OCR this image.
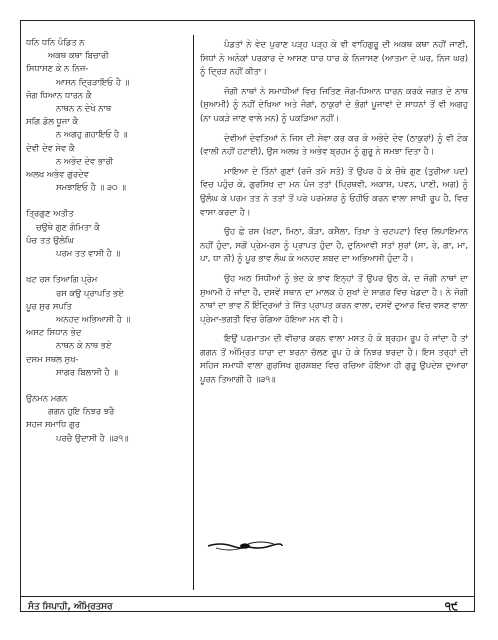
ਧਨਿ ਧਨਿ ਪੰਡਿਤ ਨ
ਅਕਥ ਕਥਾ ਬਿਚਾਰੀ
ਸਿਧਾਸਣ ਕੇ ਨ ਨਿਜ-
ਆਸਨ ਦ੍ਰਿੜਾਇਓ ਹੈ ॥
ਜੋਗ ਧਿਆਨ ਧਾਰਨ ਕੈ
ਨਾਥਨ ਨ ਦੇਖੇ ਨਾਥ
ਸਗਿ ਡੋਲ ਧੂਜਾ ਕੈ
ਨ ਅਗਹੁ ਗਹਾਇਓ ਹੈ ॥
ਦੇਵੀ ਦੇਵ ਸੇਵ ਕੈ
ਨ ਅਭੇਦ ਦੇਵ ਭਾਰੀ
ਅਲਖ ਅਭੇਵ ਗੁਰਦੇਵ
ਸਮਝਾਇਓ ਹੈ ॥ ੩੦ ॥
ਤ੍ਰਿਗੁਣ ਅਤੀਤ
ਚਉਥੇ ਗੁਣ ਗੰਮਿਤਾ ਕੈ
ਪੰਚ ਤਤ ਉਲੰਘਿ
ਪਰਮ ਤਤ ਵਾਸੀ ਹੈ ॥
ਖਟ ਰਸ ਤਿਆਗਿ ਪ੍ਰੇਮ
ਰਸ ਕਉ ਪ੍ਰਾਪਤਿ ਭਏ
ਪੂਰ ਸੁਰ ਸਪਤਿ
ਅਨਹਦ ਅਭਿਆਸੀ ਹੈ ॥
ਅਸਟ ਸਿਧਾਨ ਭੇਦ
ਨਾਥਨ ਕੇ ਨਾਥ ਭਏ
ਦਸਮ ਸਥਲ ਸੁਖ-
ਸਾਗਰ ਬਿਲਾਸੀ ਹੈ ॥
ਉਨਮਨ ਮਗਨ
ਗਗਨ ਹੁਇ ਨਿਝਰ ਝਰੈ
ਸਹਜ ਸਮਾਧਿ ਗੁਰ
ਪਰਚੈ ਉਦਾਸੀ ਹੈ ॥੩੧॥

ਪੰਡਤਾਂ ਨੇ ਵੇਦ ਪੁਰਾਣ ਪੜ੍ਹ ਪੜ੍ਹ ਕੇ ਵੀ ਵਾਹਿਗੁਰੂ ਦੀ ਅਕਥ ਕਥਾ ਨਹੀਂ ਜਾਣੀ, ਸਿਧਾਂ ਨੇ ਅਨੇਕਾਂ ਪਰਕਾਰ ਦੇ ਆਸਣ ਧਾਰ ਧਾਰ ਕੇ ਨਿਜਾਸਣ (ਆਤਮਾ ਦੇ ਘਰ, ਨਿਜ ਘਰ) ਨੂੰ ਦ੍ਰਿੜ ਨਹੀਂ ਕੀਤਾ।

ਜੋਗੀ ਨਾਥਾਂ ਨੇ ਸਮਾਧੀਆਂ ਵਿਚ ਜਿਤਿਣ ਜੋਗ-ਧਿਆਨ ਧਾਰਨ ਕਰਕੇ ਜਗਤ ਦੇ ਨਾਥ (ਸੁਆਮੀ) ਨੂੰ ਨਹੀਂ ਦੇਖਿਆ ਅਤੇ ਜੰਗਾਂ, ਠਾਕੁਰਾਂ ਦੇ ਭੋਗਾਂ ਪੂਜਾਵਾਂ ਦੇ ਸਾਧਨਾਂ ਤੋਂ ਵੀ ਅਗਹੁ (ਨਾ ਪਕੜੇ ਜਾਣ ਵਾਲੇ ਮਨ) ਨੂੰ ਪਕੜਿਆ ਨਹੀਂ।

ਦੇਵੀਆਂ ਦੇਵਤਿਆਂ ਨੇ ਜਿਸ ਦੀ ਸੇਵਾ ਕਰ ਕਰ ਕੇ ਅਭੇਦੇ ਦੇਵ (ਠਾਕੁਰਾਂ) ਨੂੰ ਵੀ ਟੇਕ (ਵਾਲੀ ਨਹੀਂ ਹਟਾਈ), ਉਸ ਅਲਖ ਤੇ ਅਭੇਵ ਬ੍ਰਹਮ ਨੂੰ ਗੁਰੂ ਨੇ ਸਮਝਾ ਦਿਤਾ ਹੈ।

ਮਾਇਆ ਦੇ ਤਿੰਨਾਂ ਗੁਣਾਂ (ਰਜੋ ਤਮੋ ਸਤੋ) ਤੋਂ ਉਪਰ ਹੋ ਕੇ ਚੌਥੇ ਗੁਣ (ਤੁਰੀਆ ਪਦ) ਵਿਚ ਪਹੁੰਚ ਕੇ, ਗੁਰਸਿਖ ਦਾ ਮਨ ਪੰਜ ਤਤਾਂ (ਪ੍ਰਿਥਵੀ, ਅਕਾਸ਼, ਪਵਨ, ਪਾਣੀ, ਅਗ) ਨੂੰ ਉਲੰਘ ਕੇ ਪਰਮ ਤਤ ਨੇ ਤਤਾਂ ਤੋਂ ਪਰੇ ਪਰਮੇਸ਼ਰ ਨੂੰ ਓਹੀਓ ਕਰਨ ਵਾਲਾ ਸਾਖੀ ਰੂਪ ਹੈ, ਵਿਚ ਵਾਸਾ ਕਰਦਾ ਹੈ।

ਉਹ ਛੇ ਰਸ (ਖਟਾ, ਮਿਠਾ, ਕੌੜਾ, ਕਸੈਲਾ, ਤਿਖਾ ਤੇ ਚਟਪਟਾ) ਵਿਚ ਲਿਪਾਇਮਾਨ ਨਹੀਂ ਹੁੰਦਾ, ਸਗੋਂ ਪ੍ਰੇਮ-ਰਸ ਨੂੰ ਪ੍ਰਾਪਤ ਹੁੰਦਾ ਹੈ, ਦੁਨਿਆਵੀ ਸਤਾਂ ਸੁਰਾਂ (ਸਾ, ਰੇ, ਗਾ, ਮਾ, ਪਾ, ਧਾ ਨੀ) ਨੂੰ ਪੂਰ ਭਾਵ ਲੰਘ ਕੇ ਅਨਹਦ ਸ਼ਬਦ ਦਾ ਅਭਿਆਸੀ ਹੁੰਦਾ ਹੈ।

ਉਹ ਅਠ ਸਿਧੀਆਂ ਨੂੰ ਭੇਦ ਕੇ ਭਾਵ ਇਨ੍ਹਾਂ ਤੋਂ ਉਪਰ ਉਠ ਕੇ, ਦ ਜੋਗੀ ਨਾਥਾਂ ਦਾ ਸੁਆਮੀ ਹੋ ਜਾਂਦਾ ਹੈ, ਦਸਵੇਂ ਸਥਾਨ ਦਾ ਮਾਲਕ ਹੋ ਸੁਖਾਂ ਦੇ ਸਾਗਰ ਵਿਚ ਖੇਡਦਾ ਹੈ। ਨੇ ਜੋਗੀ ਨਾਥਾਂ ਦਾ ਭਾਵ ਨੌਂ ਇੰਦ੍ਰਿਆਂ ਤੇ ਜਿੱਤ ਪ੍ਰਾਪਤ ਕਰਨ ਵਾਲਾ, ਦਸਵੇਂ ਦੁਆਰ ਵਿਚ ਵਸਣ ਵਾਲਾ ਪ੍ਰੇਮਾ-ਭਗਤੀ ਵਿਚ ਰੰਗਿਆ ਹੋਇਆ ਮਨ ਵੀ ਹੈ।

ਇਉਂ ਪਰਮਾਤਮ ਦੀ ਵੀਚਾਰ ਕਰਨ ਵਾਲਾ ਮਸਤ ਹੋ ਕੇ ਬ੍ਰਹਮ ਰੂਪ ਹੋ ਜਾਂਦਾ ਹੈ ਤਾਂ ਗਗਨ ਤੋਂ ਅੰਮ੍ਰਿਤ ਧਾਰਾ ਦਾ ਝਰਨਾ ਚੱਲਣ ਰੂਪ ਹੋ ਕੇ ਨਿਝਰ ਝਰਦਾ ਹੈ। ਇਸ ਤਰ੍ਹਾਂ ਦੀ ਸਹਿਜ ਸਮਾਧੀ ਵਾਲਾ ਗੁਰਸਿਖ ਗੁਰਸ਼ਬਦ ਵਿਚ ਰਚਿਆ ਹੋਇਆ ਹੀ ਗੁਰੂ ਉਪਦੇਸ਼ ਦੁਆਰਾ ਪੂਰਨ ਤਿਆਗੀ ਹੈ ॥੩੧॥

ਸੰਤ ਸਿਪਾਹੀ, ਅੰਮ੍ਰਿਤਸਰ	੧੯
